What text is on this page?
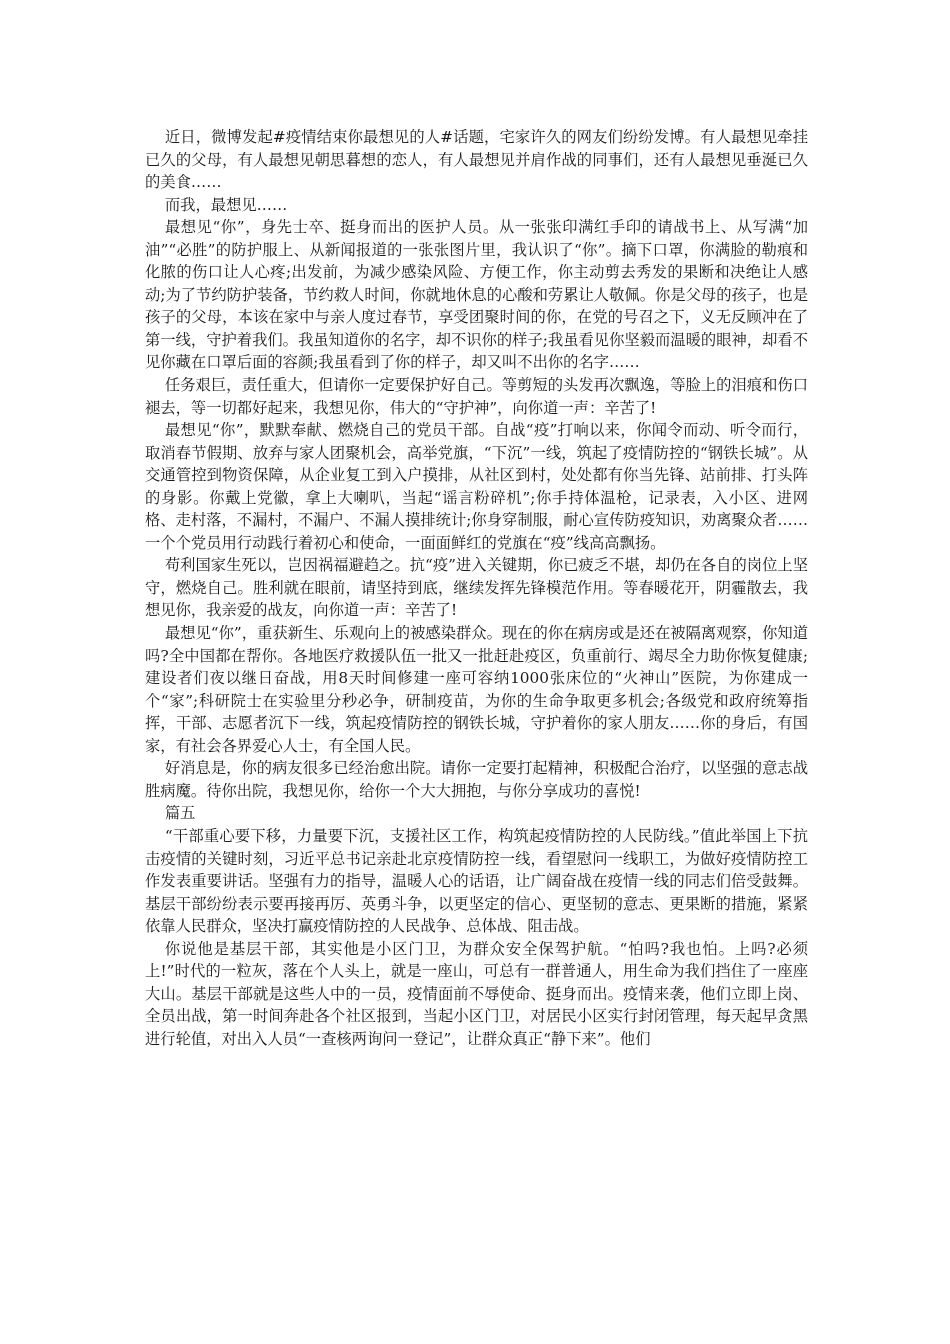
近日，微博发起#疫情结束你最想见的人#话题，宅家许久的网友们纷纷发博。有人最想见牵挂已久的父母，有人最想见朝思暮想的恋人，有人最想见并肩作战的同事们，还有人最想见垂涎已久的美食……

而我，最想见……

最想见“你”，身先士卒、挺身而出的医护人员。从一张张印满红手印的请战书上、从写满“加油”“必胜”的防护服上、从新闻报道的一张张图片里，我认识了“你”。摘下口罩，你满脸的勒痕和化脓的伤口让人心疼;出发前，为减少感染风险、方便工作，你主动剪去秀发的果断和决绝让人感动;为了节约防护装备，节约救人时间，你就地休息的心酸和劳累让人敬佩。你是父母的孩子，也是孩子的父母，本该在家中与亲人度过春节，享受团聚时间的你，在党的号召之下，义无反顾冲在了第一线，守护着我们。我虽知道你的名字，却不识你的样子;我虽看见你坚毅而温暖的眼神，却看不见你藏在口罩后面的容颜;我虽看到了你的样子，却又叫不出你的名字……

任务艰巨，责任重大，但请你一定要保护好自己。等剪短的头发再次飘逸，等脸上的泪痕和伤口褪去，等一切都好起来，我想见你，伟大的“守护神”，向你道一声：辛苦了!

最想见“你”，默默奉献、燃烧自己的党员干部。自战“疫”打响以来，你闻令而动、听令而行，取消春节假期、放弃与家人团聚机会，高举党旗，“下沉”一线，筑起了疫情防控的“钢铁长城”。从交通管控到物资保障，从企业复工到入户摸排，从社区到村，处处都有你当先锋、站前排、打头阵的身影。你戴上党徽，拿上大喇叭，当起“谣言粉碎机”;你手持体温枪，记录表，入小区、进网格、走村落，不漏村，不漏户、不漏人摸排统计;你身穿制服，耐心宣传防疫知识，劝离聚众者……一个个党员用行动践行着初心和使命，一面面鲜红的党旗在“疫”线高高飘扬。

苟利国家生死以，岂因祸福避趋之。抗“疫”进入关键期，你已疲乏不堪，却仍在各自的岗位上坚守，燃烧自己。胜利就在眼前，请坚持到底，继续发挥先锋模范作用。等春暖花开，阴霾散去，我想见你，我亲爱的战友，向你道一声：辛苦了!

最想见“你”，重获新生、乐观向上的被感染群众。现在的你在病房或是还在被隔离观察，你知道吗?全中国都在帮你。各地医疗救援队伍一批又一批赶赴疫区，负重前行、竭尽全力助你恢复健康;建设者们夜以继日奋战，用8天时间修建一座可容纳1000张床位的“火神山”医院，为你建成一个“家”;科研院士在实验里分秒必争，研制疫苗，为你的生命争取更多机会;各级党和政府统筹指挥，干部、志愿者沉下一线，筑起疫情防控的钢铁长城，守护着你的家人朋友……你的身后，有国家，有社会各界爱心人士，有全国人民。

好消息是，你的病友很多已经治愈出院。请你一定要打起精神，积极配合治疗，以坚强的意志战胜病魔。待你出院，我想见你，给你一个大大拥抱，与你分享成功的喜悦!

篇五

“干部重心要下移，力量要下沉，支援社区工作，构筑起疫情防控的人民防线。”值此举国上下抗击疫情的关键时刻，习近平总书记亲赴北京疫情防控一线，看望慰问一线职工，为做好疫情防控工作发表重要讲话。坚强有力的指导，温暖人心的话语，让广阔奋战在疫情一线的同志们倍受鼓舞。基层干部纷纷表示要再接再厉、英勇斗争，以更坚定的信心、更坚韧的意志、更果断的措施，紧紧依靠人民群众，坚决打赢疫情防控的人民战争、总体战、阻击战。

你说他是基层干部，其实他是小区门卫，为群众安全保驾护航。“怕吗?我也怕。上吗?必须上!”时代的一粒灰，落在个人头上，就是一座山，可总有一群普通人，用生命为我们挡住了一座座大山。基层干部就是这些人中的一员，疫情面前不辱使命、挺身而出。疫情来袭，他们立即上岗、全员出战，第一时间奔赴各个社区报到，当起小区门卫，对居民小区实行封闭管理，每天起早贪黑进行轮值，对出入人员“一查核两询问一登记”，让群众真正“静下来”。他们
